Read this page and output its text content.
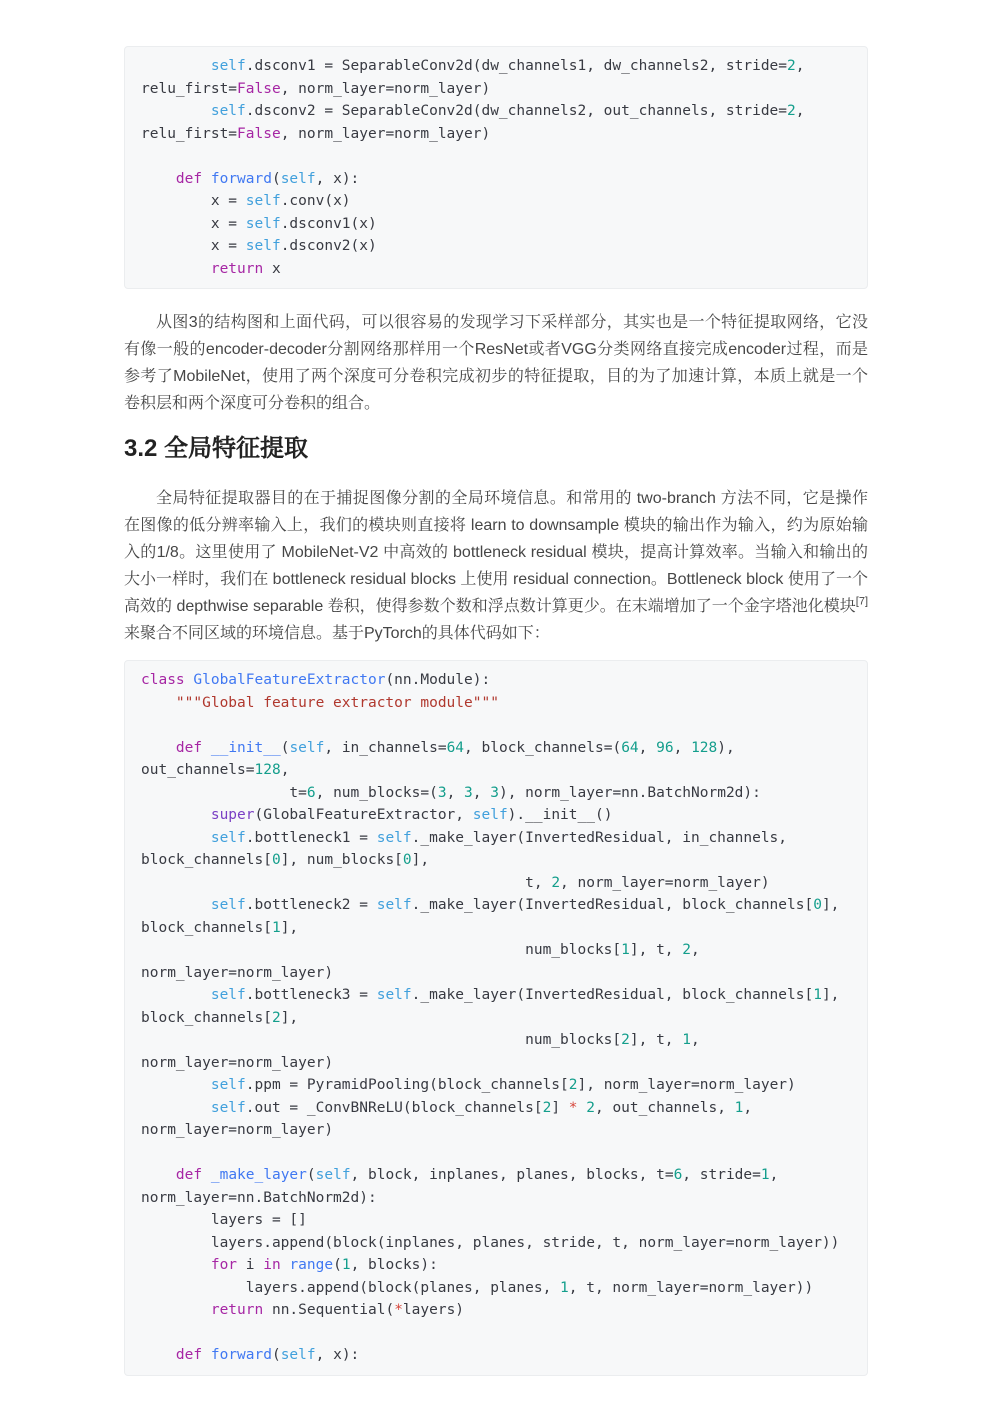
self.dsconv1 = SeparableConv2d(dw_channels1, dw_channels2, stride=2,
relu_first=False, norm_layer=norm_layer)
self.dsconv2 = SeparableConv2d(dw_channels2, out_channels, stride=2,
relu_first=False, norm_layer=norm_layer)

def forward(self, x):
x = self.conv(x)
x = self.dsconv1(x)
x = self.dsconv2(x)
return x

从图3的结构图和上面代码，可以很容易的发现学习下采样部分，其实也是一个特征提取网络，它没有像一般的encoder-decoder分割网络那样用一个ResNet或者VGG分类网络直接完成encoder过程，而是参考了MobileNet，使用了两个深度可分卷积完成初步的特征提取，目的为了加速计算，本质上就是一个卷积层和两个深度可分卷积的组合。

3.2 全局特征提取

全局特征提取器目的在于捕捉图像分割的全局环境信息。和常用的 two-branch 方法不同，它是操作在图像的低分辨率输入上，我们的模块则直接将 learn to downsample 模块的输出作为输入，约为原始输入的1/8。这里使用了 MobileNet-V2 中高效的 bottleneck residual 模块，提高计算效率。当输入和输出的大小一样时，我们在 bottleneck residual blocks 上使用 residual connection。Bottleneck block 使用了一个高效的 depthwise separable 卷积，使得参数个数和浮点数计算更少。在末端增加了一个金字塔池化模块[7]来聚合不同区域的环境信息。基于PyTorch的具体代码如下：

class GlobalFeatureExtractor(nn.Module):
"""Global feature extractor module"""

def __init__(self, in_channels=64, block_channels=(64, 96, 128),
out_channels=128,
t=6, num_blocks=(3, 3, 3), norm_layer=nn.BatchNorm2d):
super(GlobalFeatureExtractor, self).__init__()
self.bottleneck1 = self._make_layer(InvertedResidual, in_channels,
block_channels[0], num_blocks[0],
t, 2, norm_layer=norm_layer)
self.bottleneck2 = self._make_layer(InvertedResidual, block_channels[0],
block_channels[1],
num_blocks[1], t, 2,
norm_layer=norm_layer)
self.bottleneck3 = self._make_layer(InvertedResidual, block_channels[1],
block_channels[2],
num_blocks[2], t, 1,
norm_layer=norm_layer)
self.ppm = PyramidPooling(block_channels[2], norm_layer=norm_layer)
self.out = _ConvBNReLU(block_channels[2] * 2, out_channels, 1,
norm_layer=norm_layer)

def _make_layer(self, block, inplanes, planes, blocks, t=6, stride=1,
norm_layer=nn.BatchNorm2d):
layers = []
layers.append(block(inplanes, planes, stride, t, norm_layer=norm_layer))
for i in range(1, blocks):
layers.append(block(planes, planes, 1, t, norm_layer=norm_layer))
return nn.Sequential(*layers)

def forward(self, x):
